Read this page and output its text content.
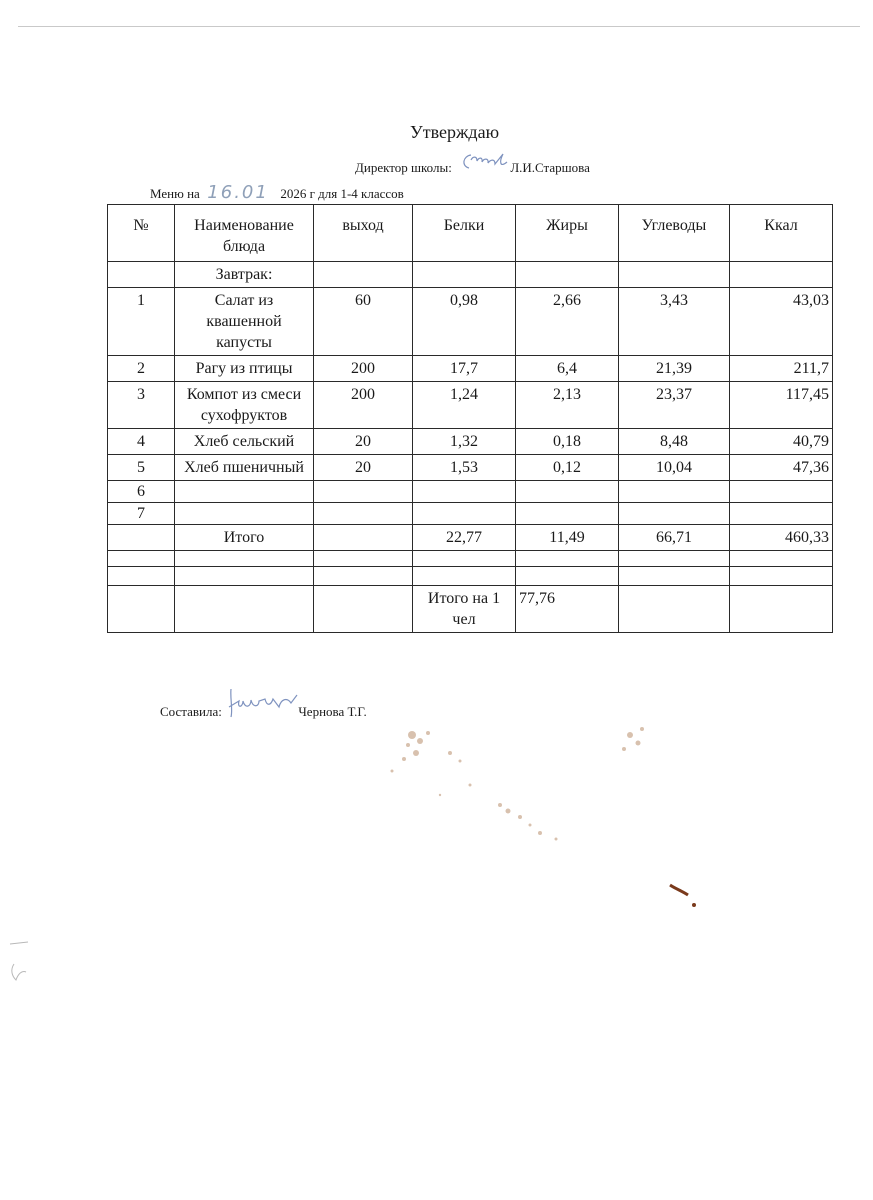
Утверждаю
Директор школы:	Л.И.Старшова
Меню на 16.01 2026 г для 1-4 классов
№	Наименование блюда	выход	Белки	Жиры	Углеводы	Ккал
	Завтрак:					
1	Салат из квашенной капусты	60	0,98	2,66	3,43	43,03
2	Рагу из птицы	200	17,7	6,4	21,39	211,7
3	Компот из смеси сухофруктов	200	1,24	2,13	23,37	117,45
4	Хлеб сельский	20	1,32	0,18	8,48	40,79
5	Хлеб пшеничный	20	1,53	0,12	10,04	47,36
6						
7						
	Итого		22,77	11,49	66,71	460,33

			Итого на 1 чел	77,76		
Составила:	Чернова Т.Г.
